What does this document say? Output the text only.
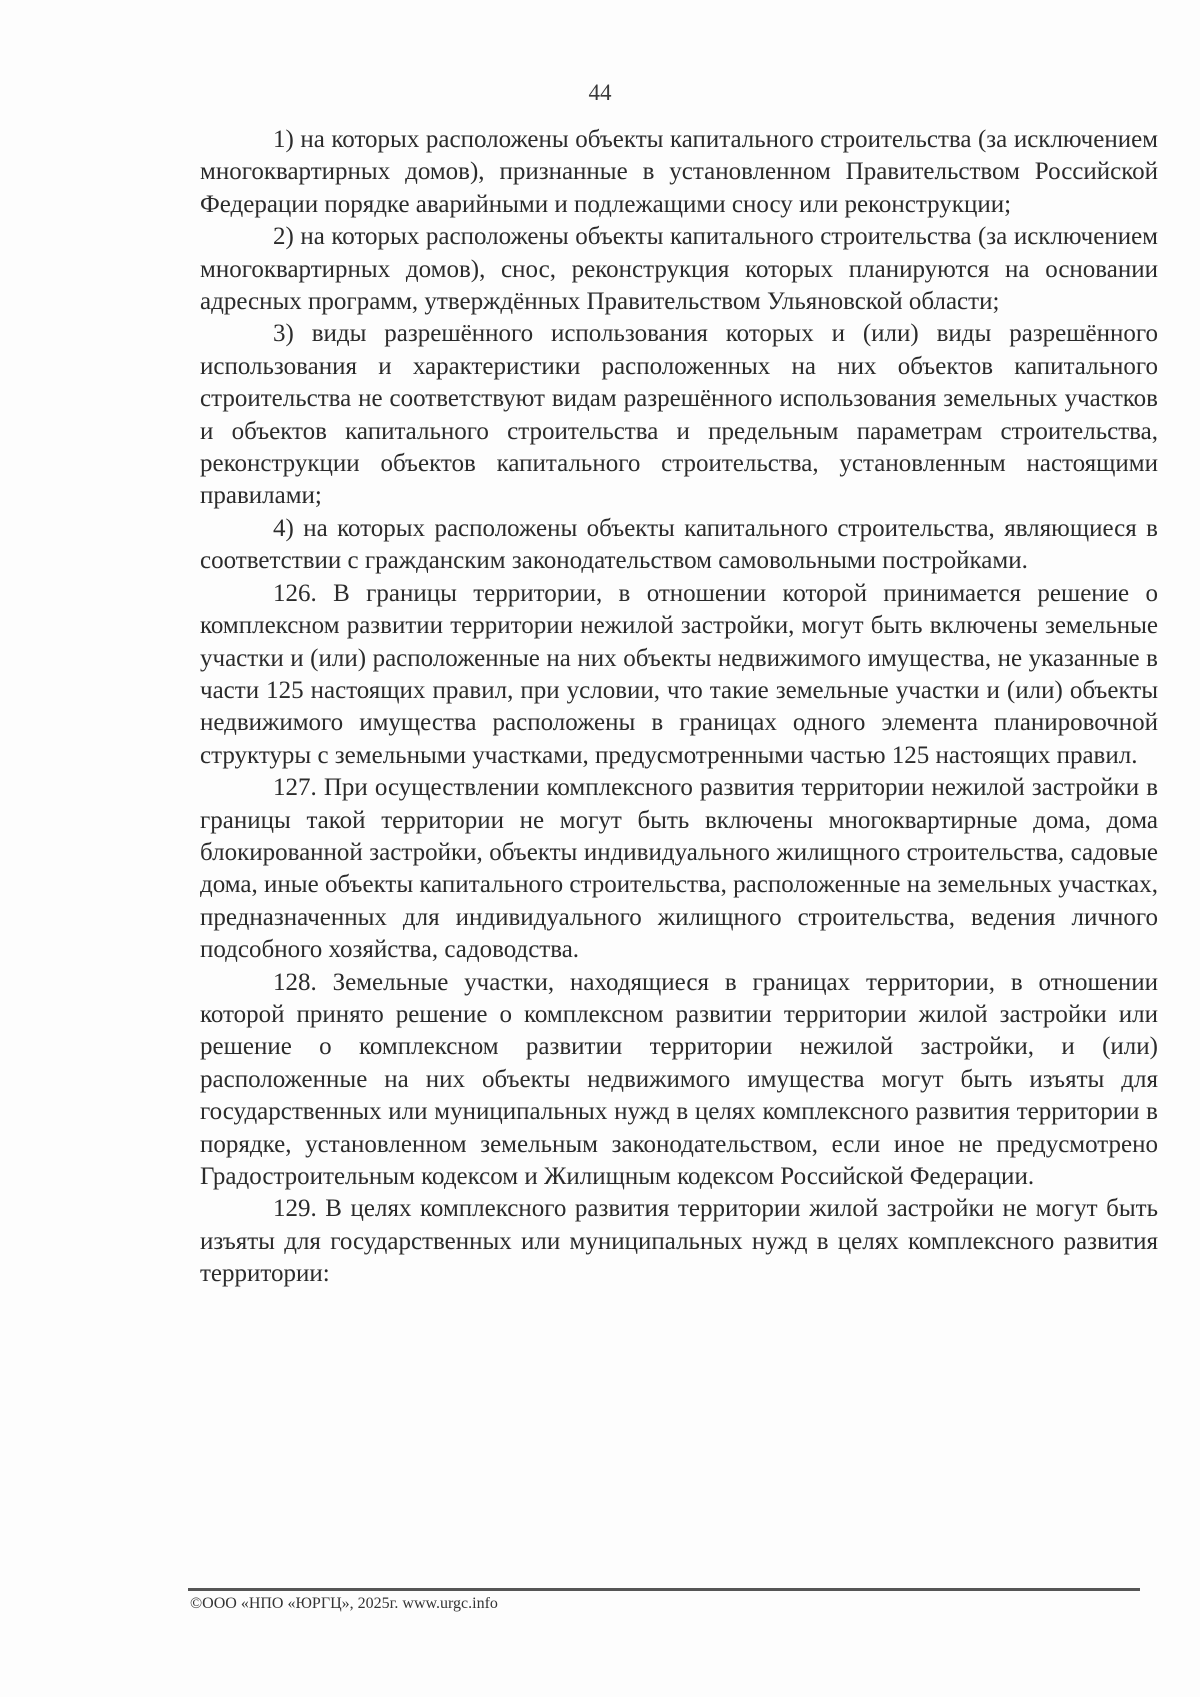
44

1) на которых расположены объекты капитального строительства (за исключением многоквартирных домов), признанные в установленном Правительством Российской Федерации порядке аварийными и подлежащими сносу или реконструкции;

2) на которых расположены объекты капитального строительства (за исключением многоквартирных домов), снос, реконструкция которых планируются на основании адресных программ, утверждённых Правительством Ульяновской области;

3) виды разрешённого использования которых и (или) виды разрешённого использования и характеристики расположенных на них объектов капитального строительства не соответствуют видам разрешённого использования земельных участков и объектов капитального строительства и предельным параметрам строительства, реконструкции объектов капитального строительства, установленным настоящими правилами;

4) на которых расположены объекты капитального строительства, являющиеся в соответствии с гражданским законодательством самовольными постройками.

126. В границы территории, в отношении которой принимается решение о комплексном развитии территории нежилой застройки, могут быть включены земельные участки и (или) расположенные на них объекты недвижимого имущества, не указанные в части 125 настоящих правил, при условии, что такие земельные участки и (или) объекты недвижимого имущества расположены в границах одного элемента планировочной структуры с земельными участками, предусмотренными частью 125 настоящих правил.

127. При осуществлении комплексного развития территории нежилой застройки в границы такой территории не могут быть включены многоквартирные дома, дома блокированной застройки, объекты индивидуального жилищного строительства, садовые дома, иные объекты капитального строительства, расположенные на земельных участках, предназначенных для индивидуального жилищного строительства, ведения личного подсобного хозяйства, садоводства.

128. Земельные участки, находящиеся в границах территории, в отношении которой принято решение о комплексном развитии территории жилой застройки или решение о комплексном развитии территории нежилой застройки, и (или) расположенные на них объекты недвижимого имущества могут быть изъяты для государственных или муниципальных нужд в целях комплексного развития территории в порядке, установленном земельным законодательством, если иное не предусмотрено Градостроительным кодексом и Жилищным кодексом Российской Федерации.

129. В целях комплексного развития территории жилой застройки не могут быть изъяты для государственных или муниципальных нужд в целях комплексного развития территории:

©ООО «НПО «ЮРГЦ», 2025г. www.urgc.info
